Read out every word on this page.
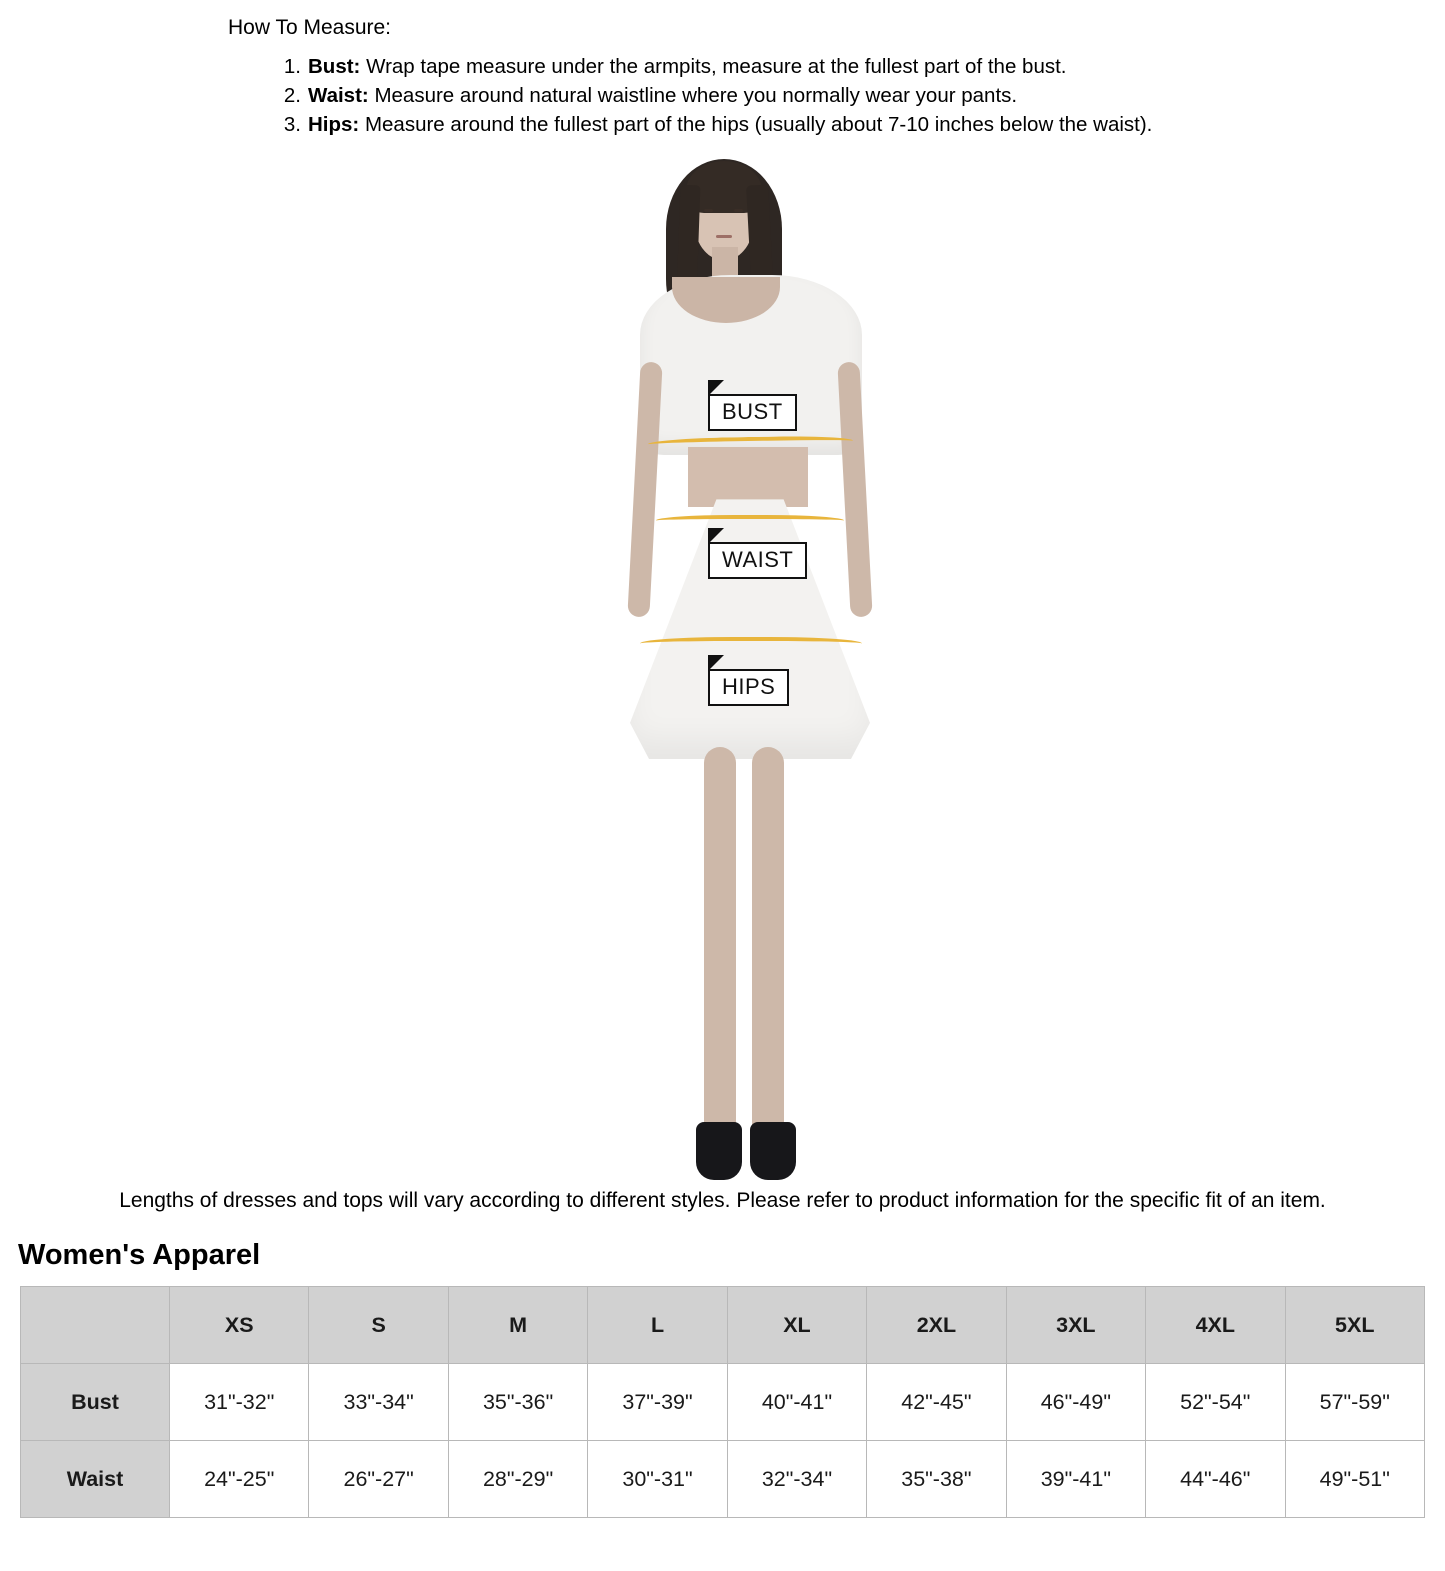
How To Measure:
1. Bust: Wrap tape measure under the armpits, measure at the fullest part of the bust.
2. Waist: Measure around natural waistline where you normally wear your pants.
3. Hips: Measure around the fullest part of the hips (usually about 7-10 inches below the waist).
BUST
WAIST
HIPS
Lengths of dresses and tops will vary according to different styles. Please refer to product information for the specific fit of an item.
Women's Apparel
	XS	S	M	L	XL	2XL	3XL	4XL	5XL
Bust	31"-32"	33"-34"	35"-36"	37"-39"	40"-41"	42"-45"	46"-49"	52"-54"	57"-59"
Waist	24"-25"	26"-27"	28"-29"	30"-31"	32"-34"	35"-38"	39"-41"	44"-46"	49"-51"
